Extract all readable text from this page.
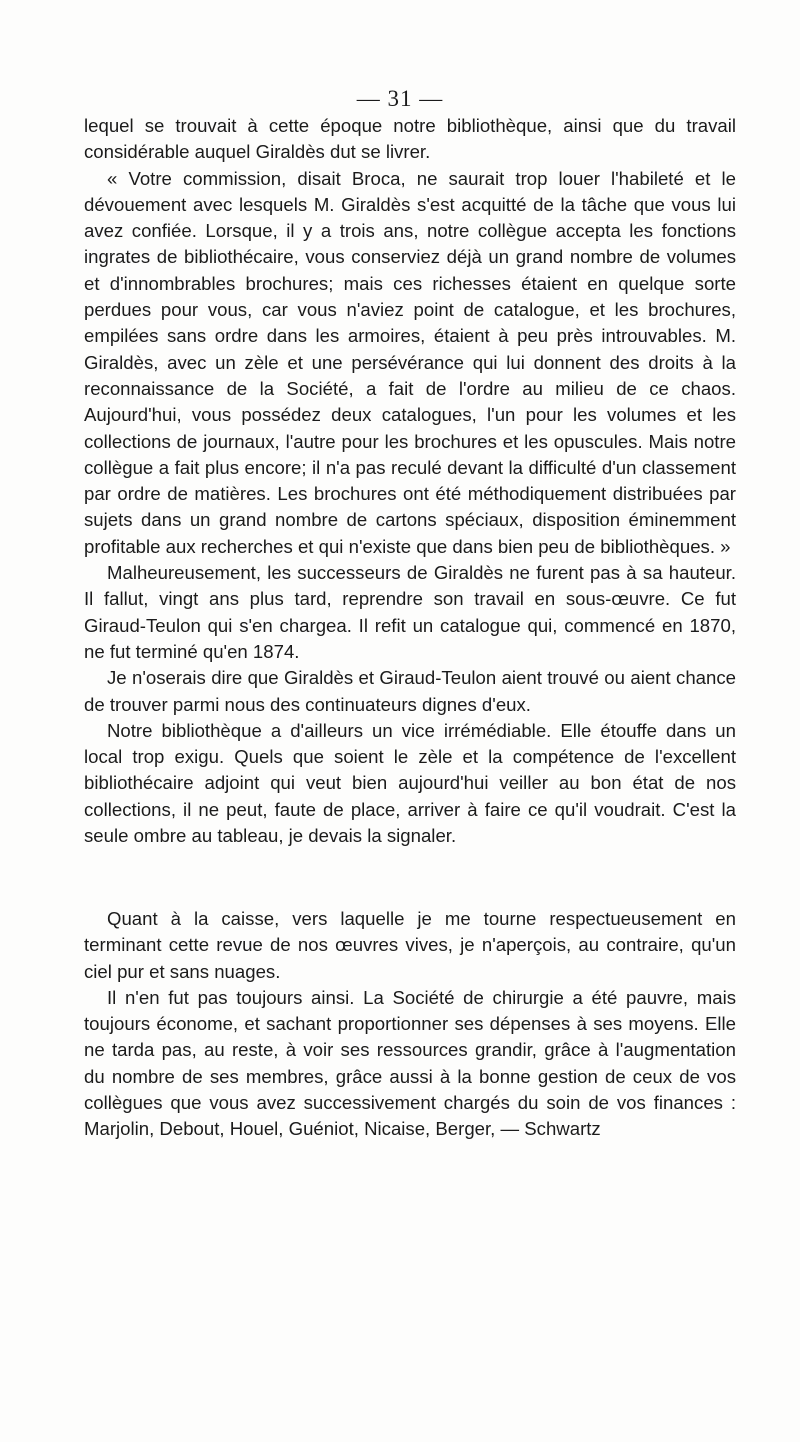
— 31 —

lequel se trouvait à cette époque notre bibliothèque, ainsi que du travail considérable auquel Giraldès dut se livrer.

« Votre commission, disait Broca, ne saurait trop louer l'habileté et le dévouement avec lesquels M. Giraldès s'est acquitté de la tâche que vous lui avez confiée. Lorsque, il y a trois ans, notre collègue accepta les fonctions ingrates de bibliothécaire, vous conserviez déjà un grand nombre de volumes et d'innombrables brochures; mais ces richesses étaient en quelque sorte perdues pour vous, car vous n'aviez point de catalogue, et les brochures, empilées sans ordre dans les armoires, étaient à peu près introuvables. M. Giraldès, avec un zèle et une persévérance qui lui donnent des droits à la reconnaissance de la Société, a fait de l'ordre au milieu de ce chaos. Aujourd'hui, vous possédez deux catalogues, l'un pour les volumes et les collections de journaux, l'autre pour les brochures et les opuscules. Mais notre collègue a fait plus encore; il n'a pas reculé devant la difficulté d'un classement par ordre de matières. Les brochures ont été méthodiquement distribuées par sujets dans un grand nombre de cartons spéciaux, disposition éminemment profitable aux recherches et qui n'existe que dans bien peu de bibliothèques. »

Malheureusement, les successeurs de Giraldès ne furent pas à sa hauteur. Il fallut, vingt ans plus tard, reprendre son travail en sous-œuvre. Ce fut Giraud-Teulon qui s'en chargea. Il refit un catalogue qui, commencé en 1870, ne fut terminé qu'en 1874.

Je n'oserais dire que Giraldès et Giraud-Teulon aient trouvé ou aient chance de trouver parmi nous des continuateurs dignes d'eux.

Notre bibliothèque a d'ailleurs un vice irrémédiable. Elle étouffe dans un local trop exigu. Quels que soient le zèle et la compétence de l'excellent bibliothécaire adjoint qui veut bien aujourd'hui veiller au bon état de nos collections, il ne peut, faute de place, arriver à faire ce qu'il voudrait. C'est la seule ombre au tableau, je devais la signaler.

Quant à la caisse, vers laquelle je me tourne respectueusement en terminant cette revue de nos œuvres vives, je n'aperçois, au contraire, qu'un ciel pur et sans nuages.

Il n'en fut pas toujours ainsi. La Société de chirurgie a été pauvre, mais toujours économe, et sachant proportionner ses dépenses à ses moyens. Elle ne tarda pas, au reste, à voir ses ressources grandir, grâce à l'augmentation du nombre de ses membres, grâce aussi à la bonne gestion de ceux de vos collègues que vous avez successivement chargés du soin de vos finances : Marjolin, Debout, Houel, Guéniot, Nicaise, Berger, — Schwartz
